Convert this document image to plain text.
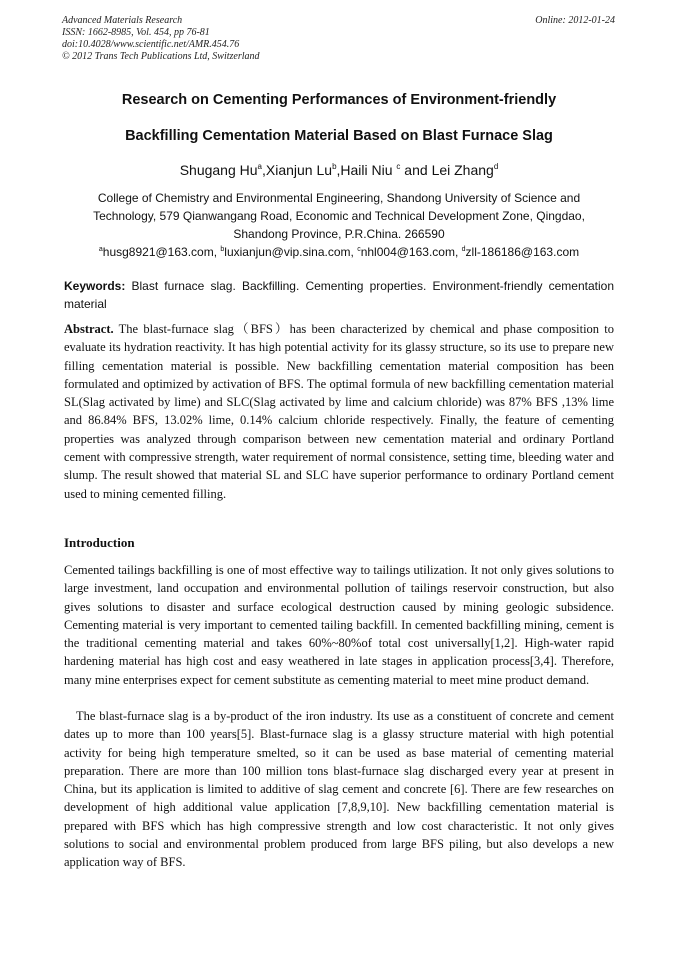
Advanced Materials Research
ISSN: 1662-8985, Vol. 454, pp 76-81
doi:10.4028/www.scientific.net/AMR.454.76
© 2012 Trans Tech Publications Ltd, Switzerland
Online: 2012-01-24
Research on Cementing Performances of Environment-friendly
Backfilling Cementation Material Based on Blast Furnace Slag
Shugang Hu$^a$,Xianjun Lu$^b$,Haili Niu $^c$ and Lei Zhang$^d$
College of Chemistry and Environmental Engineering, Shandong University of Science and
Technology, 579 Qianwangang Road, Economic and Technical Development Zone, Qingdao,
Shandong Province, P.R.China. 266590
$^a$husg8921@163.com, $^b$luxianjun@vip.sina.com, $^c$nhl004@163.com, $^d$zll-186186@163.com
Keywords: Blast furnace slag. Backfilling. Cementing properties. Environment-friendly cementation material
Abstract. The blast-furnace slag（BFS）has been characterized by chemical and phase composition to evaluate its hydration reactivity. It has high potential activity for its glassy structure, so its use to prepare new filling cementation material is possible. New backfilling cementation material composition has been formulated and optimized by activation of BFS. The optimal formula of new backfilling cementation material SL(Slag activated by lime) and SLC(Slag activated by lime and calcium chloride) was 87% BFS ,13% lime and 86.84% BFS, 13.02% lime, 0.14% calcium chloride respectively. Finally, the feature of cementing properties was analyzed through comparison between new cementation material and ordinary Portland cement with compressive strength, water requirement of normal consistence, setting time, bleeding water and slump. The result showed that material SL and SLC have superior performance to ordinary Portland cement used to mining cemented filling.
Introduction

Cemented tailings backfilling is one of most effective way to tailings utilization. It not only gives solutions to large investment, land occupation and environmental pollution of tailings reservoir construction, but also gives solutions to disaster and surface ecological destruction caused by mining geologic subsidence. Cementing material is very important to cemented tailing backfill. In cemented backfilling mining, cement is the traditional cementing material and takes 60%~80%of total cost universally[1,2]. High-water rapid hardening material has high cost and easy weathered in late stages in application process[3,4]. Therefore, many mine enterprises expect for cement substitute as cementing material to meet mine product demand.

The blast-furnace slag is a by-product of the iron industry. Its use as a constituent of concrete and cement dates up to more than 100 years[5]. Blast-furnace slag is a glassy structure material with high potential activity for being high temperature smelted, so it can be used as base material of cementing material preparation. There are more than 100 million tons blast-furnace slag discharged every year at present in China, but its application is limited to additive of slag cement and concrete [6]. There are few researches on development of high additional value application [7,8,9,10]. New backfilling cementation material is prepared with BFS which has high compressive strength and low cost characteristic. It not only gives solutions to social and environmental problem produced from large BFS piling, but also develops a new application way of BFS.
